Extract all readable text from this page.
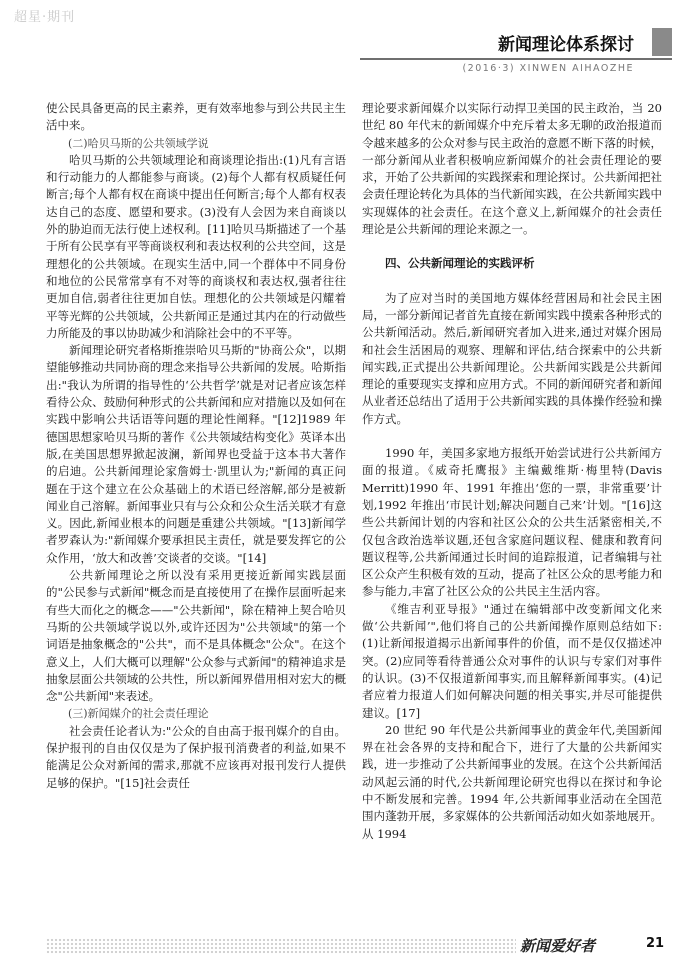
超星·期刊
新闻理论体系探讨
(2016·3) XINWEN AIHAOZHE

使公民具备更高的民主素养，更有效率地参与到公共民主生活中来。

(二)哈贝马斯的公共领域学说

哈贝马斯的公共领域理论和商谈理论指出:(1)凡有言语和行动能力的人都能参与商谈。(2)每个人都有权质疑任何断言;每个人都有权在商谈中提出任何断言;每个人都有权表达自己的态度、愿望和要求。(3)没有人会因为来自商谈以外的胁迫而无法行使上述权利。[11]哈贝马斯描述了一个基于所有公民享有平等商谈权利和表达权利的公共空间，这是理想化的公共领域。在现实生活中,同一个群体中不同身份和地位的公民常常享有不对等的商谈权和表达权,强者往往更加自信,弱者往往更加自怯。理想化的公共领域是闪耀着平等光辉的公共领域，公共新闻正是通过其内在的行动做些力所能及的事以协助减少和消除社会中的不平等。

新闻理论研究者格斯推崇哈贝马斯的"协商公众"，以期望能够推动共同协商的理念来指导公共新闻的发展。哈斯指出:"我认为所谓的指导性的‘公共哲学’就是对记者应该怎样看待公众、鼓励何种形式的公共新闻和应对措施以及如何在实践中影响公共话语等问题的理论性阐释。"[12]1989 年德国思想家哈贝马斯的著作《公共领域结构变化》英译本出版,在美国思想界掀起波澜，新闻界也受益于这本书大著作的启迪。公共新闻理论家詹姆士·凯里认为;"新闻的真正问题在于这个建立在公众基础上的术语已经溶解,部分是被新闻业自己溶解。新闻事业只有与公众和公众生活关联才有意义。因此,新闻业根本的问题是重建公共领域。"[13]新闻学者罗森认为:"新闻媒介要承担民主责任，就是要发挥它的公众作用，‘放大和改善’交谈者的交谈。"[14]

公共新闻理论之所以没有采用更接近新闻实践层面的"公民参与式新闻"概念而是直接使用了在操作层面听起来有些大而化之的概念——"公共新闻"，除在精神上契合哈贝马斯的公共领域学说以外,或许还因为"公共领域"的第一个词语是抽象概念的"公共"，而不是具体概念"公众"。在这个意义上，人们大概可以理解"公众参与式新闻"的精神追求是抽象层面公共领域的公共性，所以新闻界借用相对宏大的概念"公共新闻"来表述。

(三)新闻媒介的社会责任理论

社会责任论者认为:"公众的自由高于报刊媒介的自由。保护报刊的自由仅仅是为了保护报刊消费者的利益,如果不能满足公众对新闻的需求,那就不应该再对报刊发行人提供足够的保护。"[15]社会责任

理论要求新闻媒介以实际行动捍卫美国的民主政治，当 20 世纪 80 年代末的新闻媒介中充斥着太多无聊的政治报道而令越来越多的公众对参与民主政治的意愿不断下落的时候，一部分新闻从业者积极响应新闻媒介的社会责任理论的要求，开始了公共新闻的实践探索和理论探讨。公共新闻把社会责任理论转化为具体的当代新闻实践，在公共新闻实践中实现媒体的社会责任。在这个意义上,新闻媒介的社会责任理论是公共新闻的理论来源之一。

四、公共新闻理论的实践评析

为了应对当时的美国地方媒体经营困局和社会民主困局，一部分新闻记者首先直接在新闻实践中摸索各种形式的公共新闻活动。然后,新闻研究者加入进来,通过对媒介困局和社会生活困局的观察、理解和评估,结合探索中的公共新闻实践,正式提出公共新闻理论。公共新闻实践是公共新闻理论的重要现实支撑和应用方式。不同的新闻研究者和新闻从业者还总结出了适用于公共新闻实践的具体操作经验和操作方式。

1990 年，美国多家地方报纸开始尝试进行公共新闻方面的报道。《威奇托鹰报》主编戴维斯·梅里特(Davis Merritt)1990 年、1991 年推出‘您的一票，非常重要’计划,1992 年推出‘市民计划;解决问题自己来’计划。"[16]这些公共新闻计划的内容和社区公众的公共生活紧密相关,不仅包含政治选举议题,还包含家庭问题议程、健康和教育问题议程等,公共新闻通过长时间的追踪报道，记者编辑与社区公众产生积极有效的互动，提高了社区公众的思考能力和参与能力,丰富了社区公众的公共民主生活内容。

《维吉利亚导报》"通过在编辑部中改变新闻文化来做‘公共新闻’",他们将自己的公共新闻操作原则总结如下:(1)让新闻报道揭示出新闻事件的价值，而不是仅仅描述冲突。(2)应同等看待普通公众对事件的认识与专家们对事件的认识。(3)不仅报道新闻事实,而且解释新闻事实。(4)记者应着力报道人们如何解决问题的相关事实,并尽可能提供建议。[17]

20 世纪 90 年代是公共新闻事业的黄金年代,美国新闻界在社会各界的支持和配合下，进行了大量的公共新闻实践，进一步推动了公共新闻事业的发展。在这个公共新闻活动风起云涌的时代,公共新闻理论研究也得以在探讨和争论中不断发展和完善。1994 年,公共新闻事业活动在全国范围内蓬勃开展，多家媒体的公共新闻活动如火如荼地展开。从 1994

新闻爱好者	21
